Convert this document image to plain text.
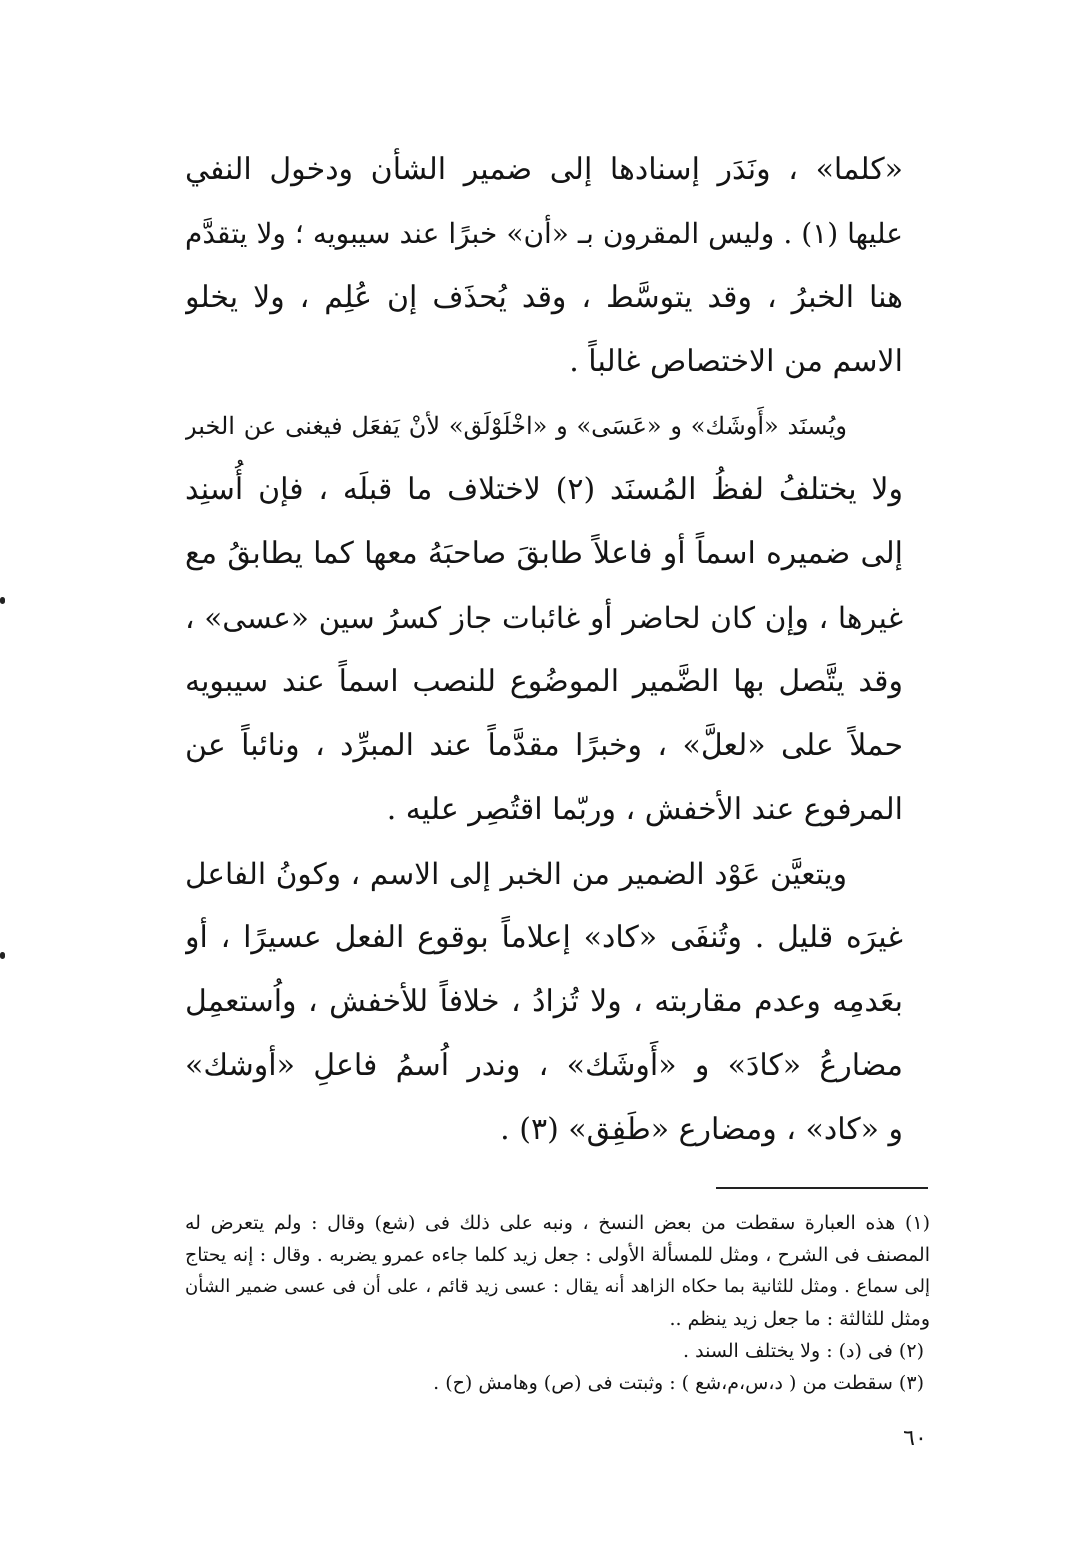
«كلما» ، ونَدَر إسنادها إلى ضمير الشأن ودخول النفي
عليها (١) . وليس المقرون بـ «أن» خبرًا عند سيبويه ؛ ولا يتقدَّم
هنا الخبرُ ، وقد يتوسَّط ، وقد يُحذَف إن عُلِم ، ولا يخلو
الاسم من الاختصاص غالباً .
ويُسنَد «أَوشَك» و «عَسَى» و «اخْلَوْلَق» لأنْ يَفعَل فيغنى عن الخبر
ولا يختلفُ لفظُ المُسنَد (٢) لاختلاف ما قبلَه ، فإن أُسنِد
إلى ضميره اسماً أو فاعلاً طابقَ صاحبَهُ معها كما يطابقُ مع
غيرها ، وإن كان لحاضر أو غائبات جاز كسرُ سين «عسى» ،
وقد يتَّصل بها الضَّمير الموضُوع للنصب اسماً عند سيبويه
حملاً على «لعلَّ» ، وخبرًا مقدَّماً عند المبرِّد ، ونائباً عن
المرفوع عند الأخفش ، وربّما اقتُصِر عليه .
ويتعيَّن عَوْد الضمير من الخبر إلى الاسم ، وكونُ الفاعل
غيرَه قليل . وتُنفَى «كاد» إعلاماً بوقوع الفعل عسيرًا ، أو
بعَدمِه وعدم مقاربته ، ولا تُزادُ ، خلافاً للأخفش ، واُستعمِل
مضارعُ «كادَ» و «أَوشَك» ، وندر اُسمُ فاعلِ «أوشك»
و «كاد» ، ومضارع «طَفِق» (٣) .
(١) هذه العبارة سقطت من بعض النسخ ، ونبه على ذلك فى (شع) وقال : ولم يتعرض له
المصنف فى الشرح ، ومثل للمسألة الأولى : جعل زيد كلما جاءه عمرو يضربه . وقال : إنه يحتاج
إلى سماع . ومثل للثانية بما حكاه الزاهد أنه يقال : عسى زيد قائم ، على أن فى عسى ضمير الشأن
ومثل للثالثة : ما جعل زيد ينظم ..
(٢) فى (د) : ولا يختلف السند .
(٣) سقطت من ( د،س،م،شع ) : وثبتت فى (ص) وهامش (ح) .
٦٠
